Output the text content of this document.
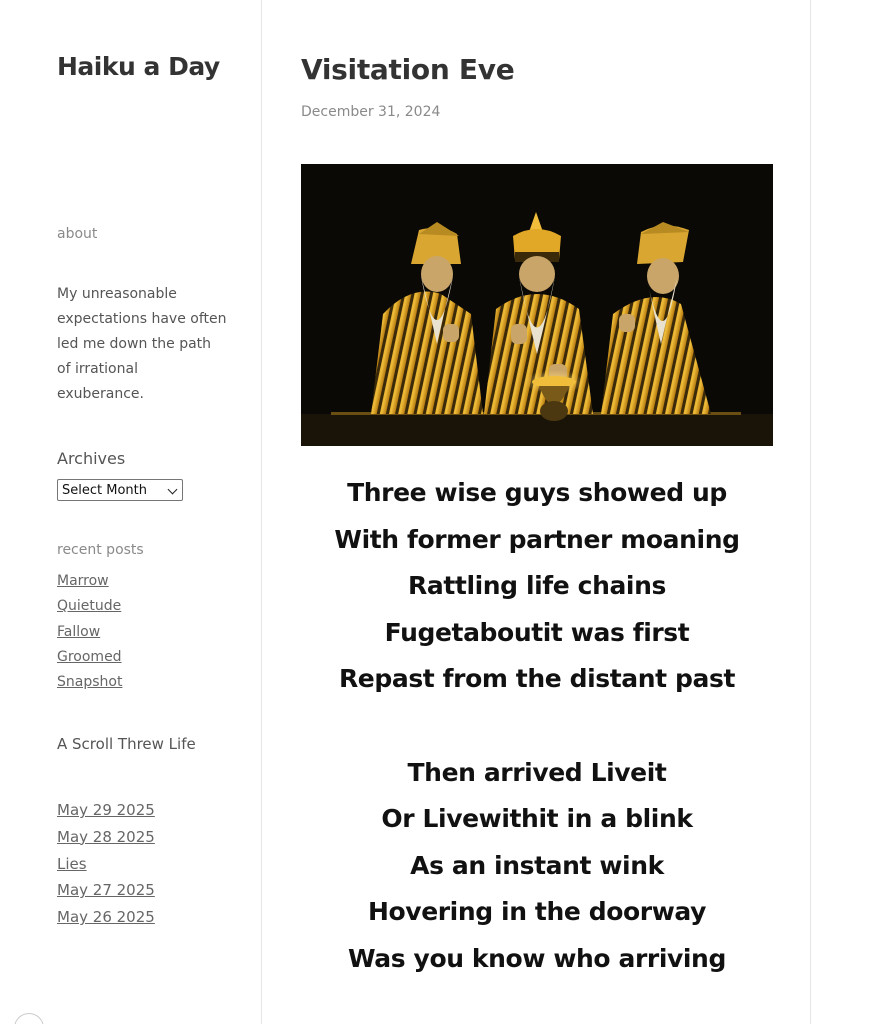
Haiku a Day
about
My unreasonable expectations have often led me down the path of irrational exuberance.
Archives
Select Month
recent posts
Marrow
Quietude
Fallow
Groomed
Snapshot
A Scroll Threw Life
May 29 2025
May 28 2025
Lies
May 27 2025
May 26 2025
Visitation Eve
December 31, 2024
Three wise guys showed up
With former partner moaning
Rattling life chains
Fugetaboutit was first
Repast from the distant past
Then arrived Liveit
Or Livewithit in a blink
As an instant wink
Hovering in the doorway
Was you know who arriving
